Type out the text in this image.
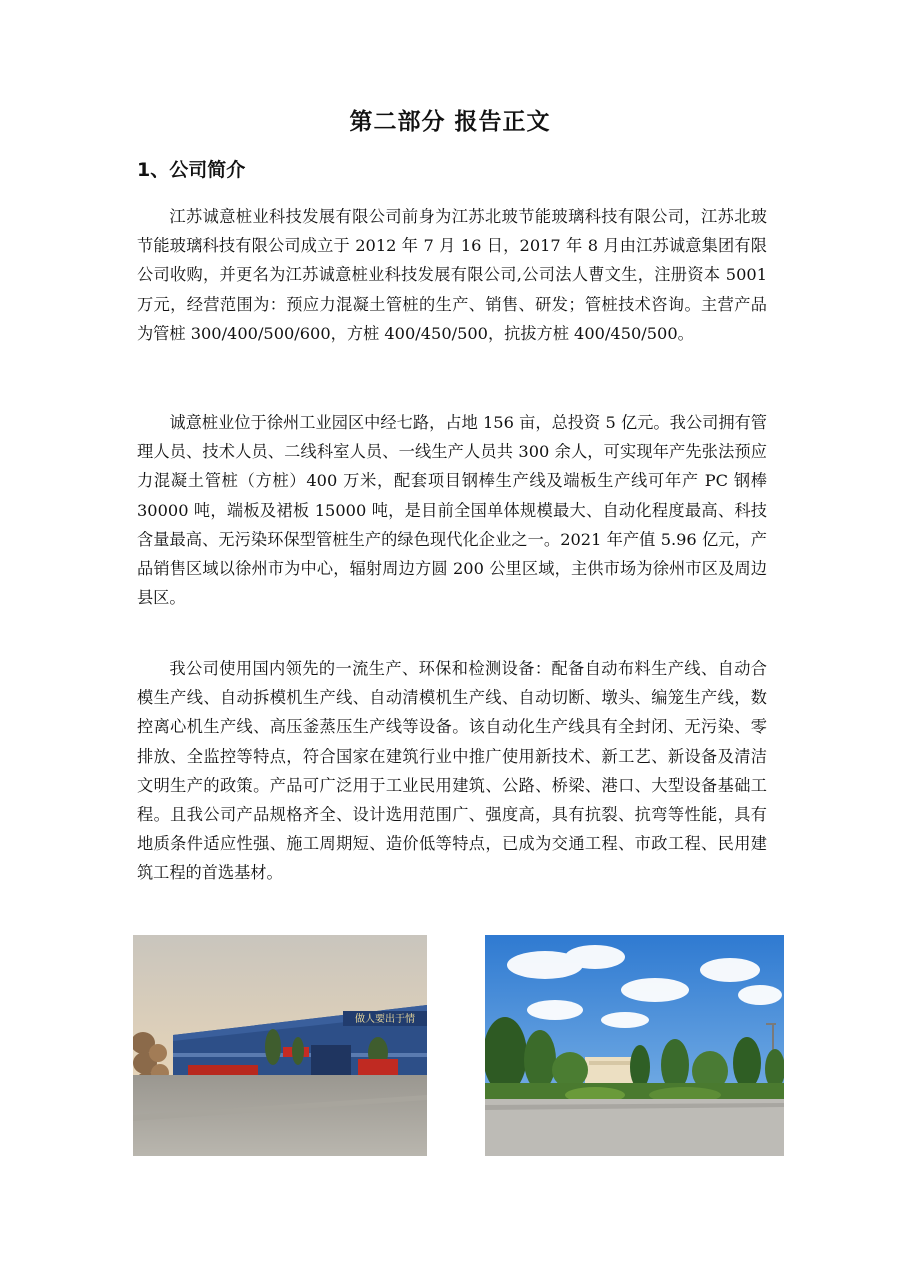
第二部分 报告正文
1、公司简介

江苏诚意桩业科技发展有限公司前身为江苏北玻节能玻璃科技有限公司，江苏北玻节能玻璃科技有限公司成立于 2012 年 7 月 16 日，2017 年 8 月由江苏诚意集团有限公司收购，并更名为江苏诚意桩业科技发展有限公司,公司法人曹文生，注册资本 5001 万元，经营范围为：预应力混凝土管桩的生产、销售、研发；管桩技术咨询。主营产品为管桩 300/400/500/600，方桩 400/450/500，抗拔方桩 400/450/500。

诚意桩业位于徐州工业园区中经七路，占地 156 亩，总投资 5 亿元。我公司拥有管理人员、技术人员、二线科室人员、一线生产人员共 300 余人，可实现年产先张法预应力混凝土管桩（方桩）400 万米，配套项目钢棒生产线及端板生产线可年产 PC 钢棒 30000 吨，端板及裙板 15000 吨，是目前全国单体规模最大、自动化程度最高、科技含量最高、无污染环保型管桩生产的绿色现代化企业之一。2021 年产值 5.96 亿元，产品销售区域以徐州市为中心，辐射周边方圆 200 公里区域，主供市场为徐州市区及周边县区。

我公司使用国内领先的一流生产、环保和检测设备：配备自动布料生产线、自动合模生产线、自动拆模机生产线、自动清模机生产线、自动切断、墩头、编笼生产线，数控离心机生产线、高压釜蒸压生产线等设备。该自动化生产线具有全封闭、无污染、零排放、全监控等特点，符合国家在建筑行业中推广使用新技术、新工艺、新设备及清洁文明生产的政策。产品可广泛用于工业民用建筑、公路、桥梁、港口、大型设备基础工程。且我公司产品规格齐全、设计选用范围广、强度高，具有抗裂、抗弯等性能，具有地质条件适应性强、施工周期短、造价低等特点，已成为交通工程、市政工程、民用建筑工程的首选基材。

做人要出于情
